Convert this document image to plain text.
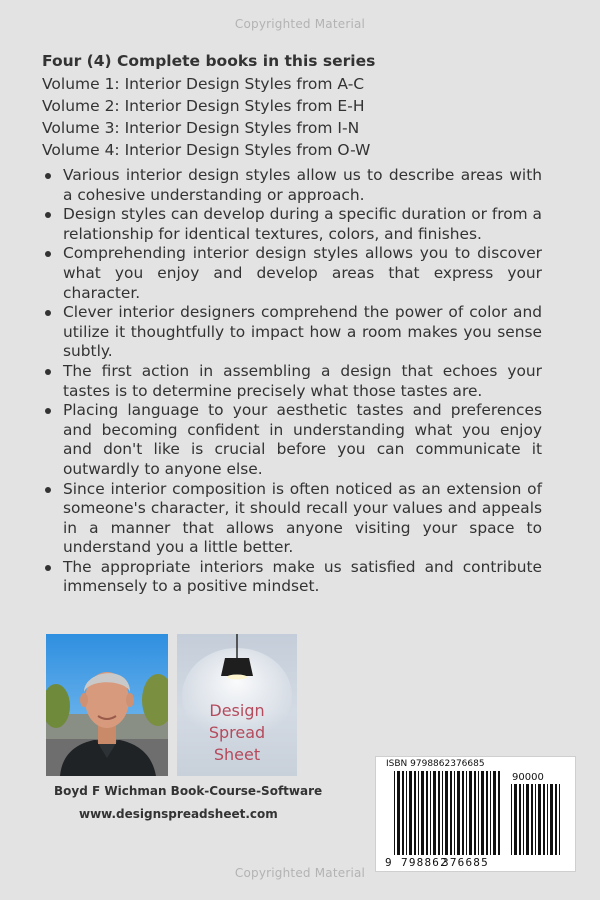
Copyrighted Material
Four (4) Complete books in this series
Volume 1: Interior Design Styles from A-C
Volume 2: Interior Design Styles from E-H
Volume 3: Interior Design Styles from I-N
Volume 4: Interior Design Styles from O-W
Various interior design styles allow us to describe areas with a cohesive understanding or approach.
Design styles can develop during a specific duration or from a relationship for identical textures, colors, and finishes.
Comprehending interior design styles allows you to discover what you enjoy and develop areas that express your character.
Clever interior designers comprehend the power of color and utilize it thoughtfully to impact how a room makes you sense subtly.
The first action in assembling a design that echoes your tastes is to determine precisely what those tastes are.
Placing language to your aesthetic tastes and preferences and becoming confident in understanding what you enjoy and don't like is crucial before you can communicate it outwardly to anyone else.
Since interior composition is often noticed as an extension of someone's character, it should recall your values and appeals in a manner that allows anyone visiting your space to understand you a little better.
The appropriate interiors make us satisfied and contribute immensely to a positive mindset.
Design
Spread
Sheet
Boyd F Wichman Book-Course-Software
www.designspreadsheet.com
ISBN 9798862376685
90000
9 798862
376685
Copyrighted Material
